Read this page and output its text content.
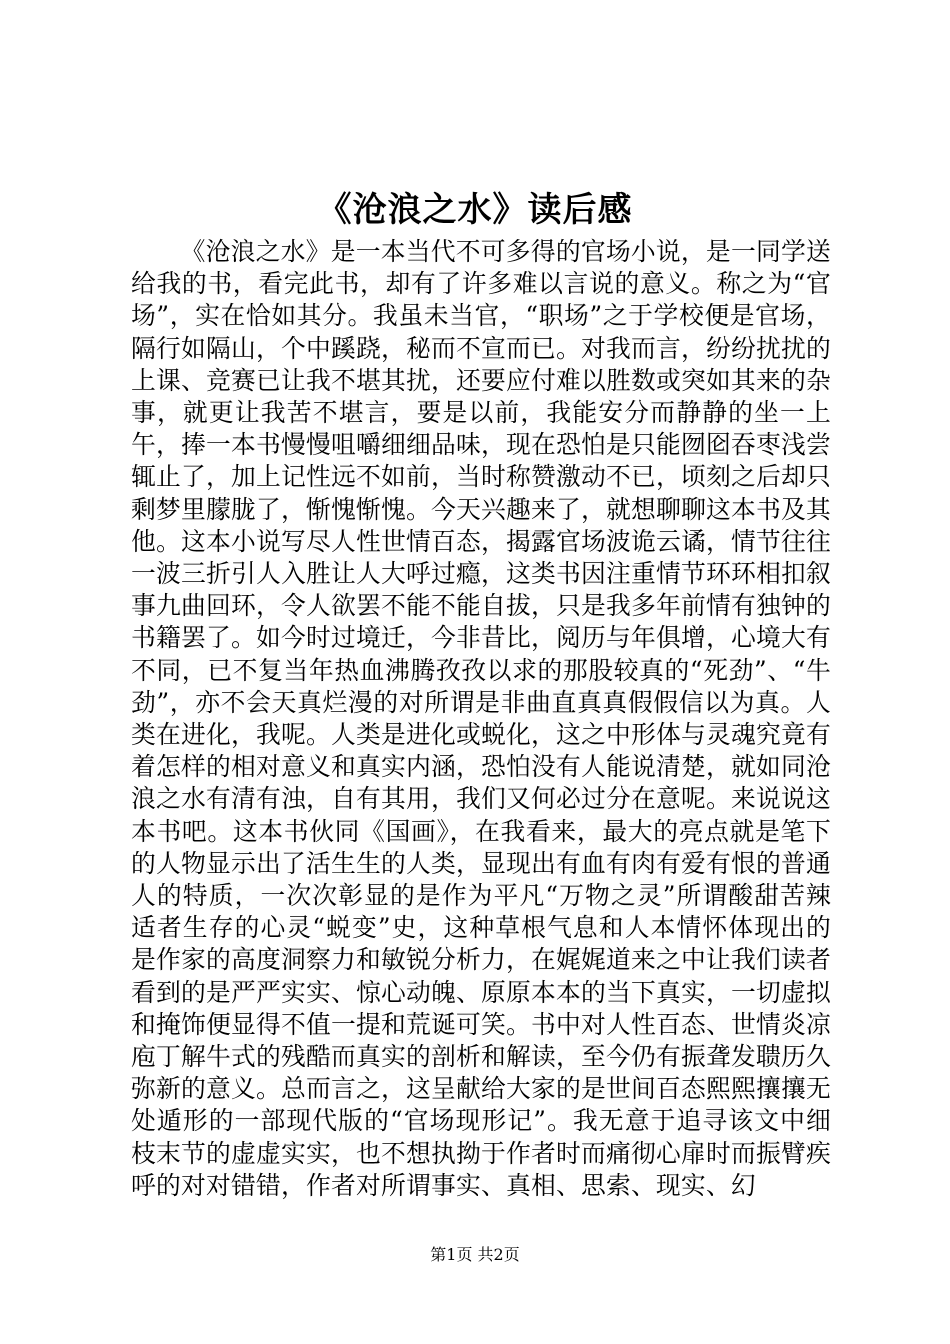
《沧浪之水》读后感

《沧浪之水》是一本当代不可多得的官场小说，是一同学送给我的书，看完此书，却有了许多难以言说的意义。称之为“官场”，实在恰如其分。我虽未当官，“职场”之于学校便是官场，隔行如隔山，个中蹊跷，秘而不宣而已。对我而言，纷纷扰扰的上课、竞赛已让我不堪其扰，还要应付难以胜数或突如其来的杂事，就更让我苦不堪言，要是以前，我能安分而静静的坐一上午，捧一本书慢慢咀嚼细细品味，现在恐怕是只能囫囵吞枣浅尝辄止了，加上记性远不如前，当时称赞激动不已，顷刻之后却只剩梦里朦胧了，惭愧惭愧。今天兴趣来了，就想聊聊这本书及其他。这本小说写尽人性世情百态，揭露官场波诡云谲，情节往往一波三折引人入胜让人大呼过瘾，这类书因注重情节环环相扣叙事九曲回环，令人欲罢不能不能自拔，只是我多年前情有独钟的书籍罢了。如今时过境迁，今非昔比，阅历与年俱增，心境大有不同，已不复当年热血沸腾孜孜以求的那股较真的“死劲”、“牛劲”，亦不会天真烂漫的对所谓是非曲直真真假假信以为真。人类在进化，我呢。人类是进化或蜕化，这之中形体与灵魂究竟有着怎样的相对意义和真实内涵，恐怕没有人能说清楚，就如同沧浪之水有清有浊，自有其用，我们又何必过分在意呢。来说说这本书吧。这本书伙同《国画》，在我看来，最大的亮点就是笔下的人物显示出了活生生的人类，显现出有血有肉有爱有恨的普通人的特质，一次次彰显的是作为平凡“万物之灵”所谓酸甜苦辣适者生存的心灵“蜕变”史，这种草根气息和人本情怀体现出的是作家的高度洞察力和敏锐分析力，在娓娓道来之中让我们读者看到的是严严实实、惊心动魄、原原本本的当下真实，一切虚拟和掩饰便显得不值一提和荒诞可笑。书中对人性百态、世情炎凉庖丁解牛式的残酷而真实的剖析和解读，至今仍有振聋发聩历久弥新的意义。总而言之，这呈献给大家的是世间百态熙熙攘攘无处遁形的一部现代版的“官场现形记”。我无意于追寻该文中细枝末节的虚虚实实，也不想执拗于作者时而痛彻心扉时而振臂疾呼的对对错错，作者对所谓事实、真相、思索、现实、幻

第1页 共2页
